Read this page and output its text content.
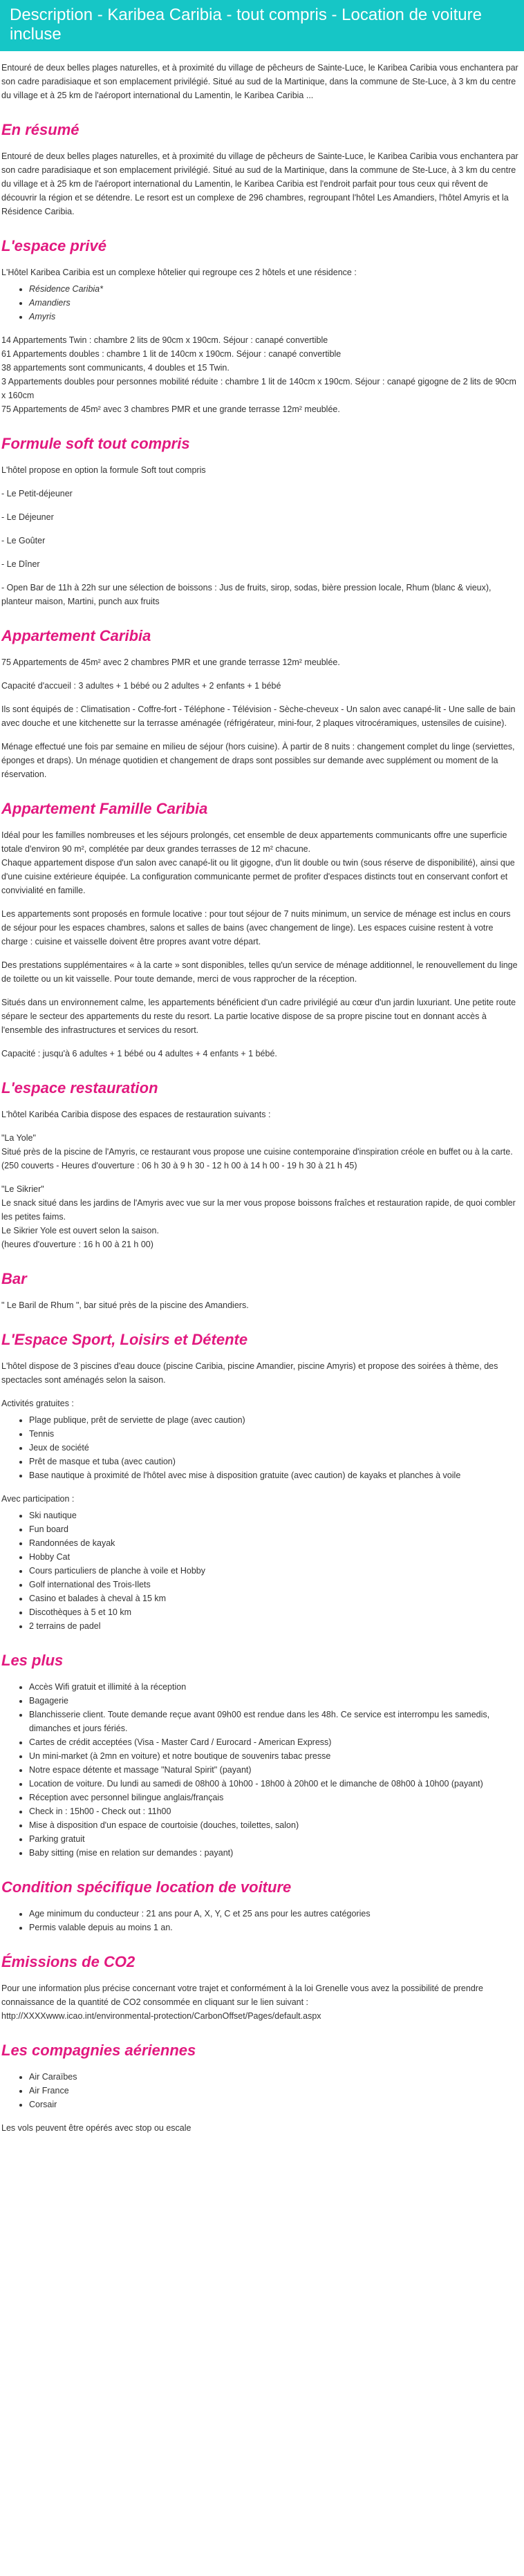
Description - Karibea Caribia - tout compris - Location de voiture incluse

Entouré de deux belles plages naturelles, et à proximité du village de pêcheurs de Sainte-Luce, le Karibea Caribia vous enchantera par son cadre paradisiaque et son emplacement privilégié. Situé au sud de la Martinique, dans la commune de Ste-Luce, à 3 km du centre du village et à 25 km de l'aéroport international du Lamentin, le Karibea Caribia ...

En résumé

Entouré de deux belles plages naturelles, et à proximité du village de pêcheurs de Sainte-Luce, le Karibea Caribia vous enchantera par son cadre paradisiaque et son emplacement privilégié. Situé au sud de la Martinique, dans la commune de Ste-Luce, à 3 km du centre du village et à 25 km de l'aéroport international du Lamentin, le Karibea Caribia est l'endroit parfait pour tous ceux qui rêvent de découvrir la région et se détendre. Le resort est un complexe de 296 chambres, regroupant l'hôtel Les Amandiers, l'hôtel Amyris et la Résidence Caribia.

L'espace privé

L'Hôtel Karibea Caribia est un complexe hôtelier qui regroupe ces 2 hôtels et une résidence :

• Résidence Caribia*
• Amandiers
• Amyris

14 Appartements Twin : chambre 2 lits de 90cm x 190cm. Séjour : canapé convertible
61 Appartements doubles : chambre 1 lit de 140cm x 190cm. Séjour : canapé convertible
38 appartements sont communicants, 4 doubles et 15 Twin.
3 Appartements doubles pour personnes mobilité réduite : chambre 1 lit de 140cm x 190cm. Séjour : canapé gigogne de 2 lits de 90cm x 160cm
75 Appartements de 45m² avec 3 chambres PMR et une grande terrasse 12m² meublée.

Formule soft tout compris

L'hôtel propose en option la formule Soft tout compris

- Le Petit-déjeuner

- Le Déjeuner

- Le Goûter

- Le Dîner

- Open Bar de 11h à 22h sur une sélection de boissons : Jus de fruits, sirop, sodas, bière pression locale, Rhum (blanc & vieux), planteur maison, Martini, punch aux fruits

Appartement Caribia

75 Appartements de 45m² avec 2 chambres PMR et une grande terrasse 12m² meublée.

Capacité d'accueil : 3 adultes + 1 bébé ou 2 adultes + 2 enfants + 1 bébé

Ils sont équipés de : Climatisation - Coffre-fort - Téléphone - Télévision - Sèche-cheveux - Un salon avec canapé-lit - Une salle de bain avec douche et une kitchenette sur la terrasse aménagée (réfrigérateur, mini-four, 2 plaques vitrocéramiques, ustensiles de cuisine).

Ménage effectué une fois par semaine en milieu de séjour (hors cuisine). À partir de 8 nuits : changement complet du linge (serviettes, éponges et draps). Un ménage quotidien et changement de draps sont possibles sur demande avec supplément ou moment de la réservation.

Appartement Famille Caribia

Idéal pour les familles nombreuses et les séjours prolongés, cet ensemble de deux appartements communicants offre une superficie totale d'environ 90 m², complétée par deux grandes terrasses de 12 m² chacune.
Chaque appartement dispose d'un salon avec canapé-lit ou lit gigogne, d'un lit double ou twin (sous réserve de disponibilité), ainsi que d'une cuisine extérieure équipée. La configuration communicante permet de profiter d'espaces distincts tout en conservant confort et convivialité en famille.

Les appartements sont proposés en formule locative : pour tout séjour de 7 nuits minimum, un service de ménage est inclus en cours de séjour pour les espaces chambres, salons et salles de bains (avec changement de linge). Les espaces cuisine restent à votre charge : cuisine et vaisselle doivent être propres avant votre départ.

Des prestations supplémentaires « à la carte » sont disponibles, telles qu'un service de ménage additionnel, le renouvellement du linge de toilette ou un kit vaisselle. Pour toute demande, merci de vous rapprocher de la réception.

Situés dans un environnement calme, les appartements bénéficient d'un cadre privilégié au cœur d'un jardin luxuriant. Une petite route sépare le secteur des appartements du reste du resort. La partie locative dispose de sa propre piscine tout en donnant accès à l'ensemble des infrastructures et services du resort.

Capacité : jusqu'à 6 adultes + 1 bébé ou 4 adultes + 4 enfants + 1 bébé.

L'espace restauration

L'hôtel Karibéa Caribia dispose des espaces de restauration suivants :

"La Yole"
Situé près de la piscine de l'Amyris, ce restaurant vous propose une cuisine contemporaine d'inspiration créole en buffet ou à la carte.
(250 couverts - Heures d'ouverture : 06 h 30 à 9 h 30 - 12 h 00 à 14 h 00 - 19 h 30 à 21 h 45)

"Le Sikrier"
Le snack situé dans les jardins de l'Amyris avec vue sur la mer vous propose boissons fraîches et restauration rapide, de quoi combler les petites faims.
Le Sikrier Yole est ouvert selon la saison.
(heures d'ouverture : 16 h 00 à 21 h 00)

Bar

" Le Baril de Rhum ", bar situé près de la piscine des Amandiers.

L'Espace Sport, Loisirs et Détente

L'hôtel dispose de 3 piscines d'eau douce (piscine Caribia, piscine Amandier, piscine Amyris) et propose des soirées à thème, des spectacles sont aménagés selon la saison.

Activités gratuites :

• Plage publique, prêt de serviette de plage (avec caution)
• Tennis
• Jeux de société
• Prêt de masque et tuba (avec caution)
• Base nautique à proximité de l'hôtel avec mise à disposition gratuite (avec caution) de kayaks et planches à voile

Avec participation :

• Ski nautique
• Fun board
• Randonnées de kayak
• Hobby Cat
• Cours particuliers de planche à voile et Hobby
• Golf international des Trois-Ilets
• Casino et balades à cheval à 15 km
• Discothèques à 5 et 10 km
• 2 terrains de padel
Les plus
• Accès Wifi gratuit et illimité à la réception
• Bagagerie
• Blanchisserie client. Toute demande reçue avant 09h00 est rendue dans les 48h. Ce service est interrompu les samedis, dimanches et jours fériés.
• Cartes de crédit acceptées (Visa - Master Card / Eurocard - American Express)
• Un mini-market (à 2mn en voiture) et notre boutique de souvenirs tabac presse
• Notre espace détente et massage "Natural Spirit" (payant)
• Location de voiture. Du lundi au samedi de 08h00 à 10h00 - 18h00 à 20h00 et le dimanche de 08h00 à 10h00 (payant)
• Réception avec personnel bilingue anglais/français
• Check in : 15h00 - Check out : 11h00
• Mise à disposition d'un espace de courtoisie (douches, toilettes, salon)
• Parking gratuit
• Baby sitting (mise en relation sur demandes : payant)
Condition spécifique location de voiture
• Age minimum du conducteur : 21 ans pour A, X, Y, C et 25 ans pour les autres catégories
• Permis valable depuis au moins 1 an.
Émissions de CO2

Pour une information plus précise concernant votre trajet et conformément à la loi Grenelle vous avez la possibilité de prendre connaissance de la quantité de CO2 consommée en cliquant sur le lien suivant :
http://XXXXwww.icao.int/environmental-protection/CarbonOffset/Pages/default.aspx

Les compagnies aériennes
• Air Caraïbes
• Air France
• Corsair

Les vols peuvent être opérés avec stop ou escale
